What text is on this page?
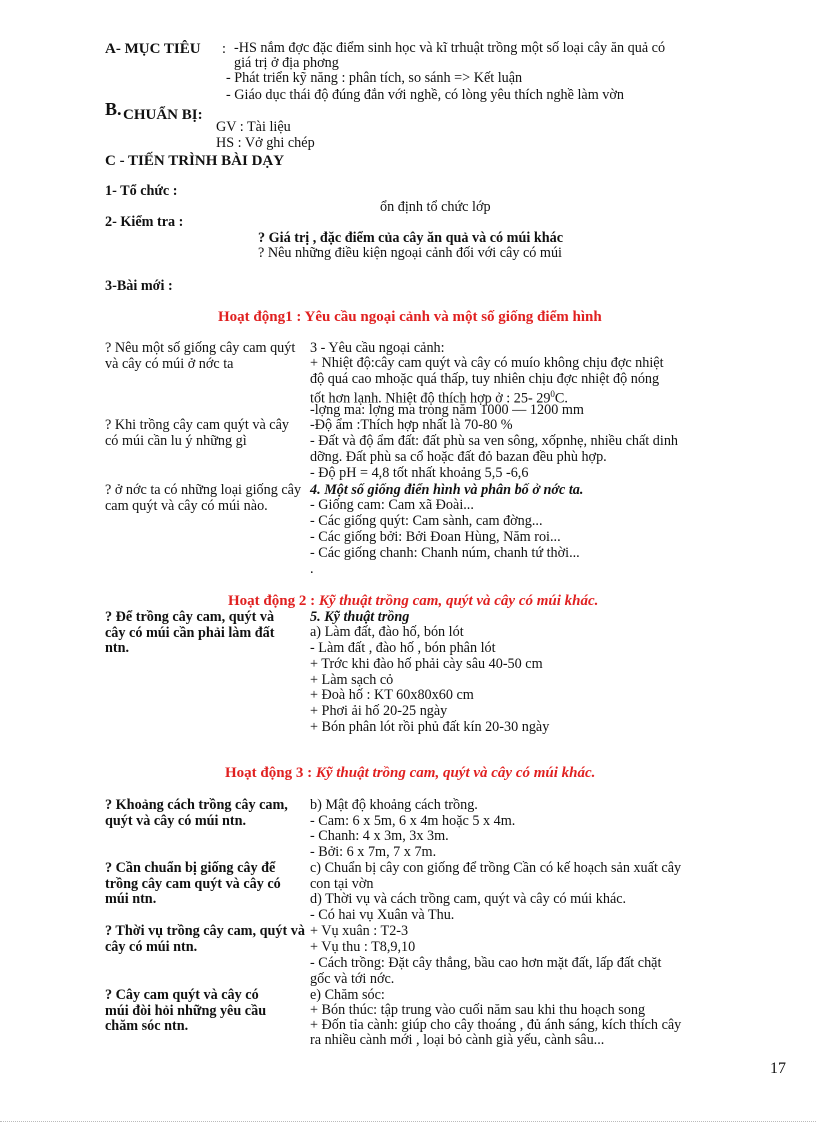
A- MỤC TIÊU : -HS nắm đợc đặc điểm sinh học và kĩ trhuật trồng một số loại cây ăn quả có
giá trị ở địa phơng
- Phát triển kỹ năng : phân tích, so sánh => Kết luận
- Giáo dục thái độ đúng đắn với nghề, có lòng yêu thích nghề làm vờn
B. CHUẨN BỊ:
GV : Tài liệu
HS : Vở ghi chép
C - TIẾN TRÌNH BÀI DẠY
1- Tổ chức :
ổn định tổ chức lớp
2- Kiểm tra :
? Giá trị , đặc điểm của cây ăn quả và có múi khác
? Nêu những điều kiện ngoại cảnh đối với cây có múi
3-Bài mới :
Hoạt động1 : Yêu cầu ngoại cảnh và một số giống điểm hình
? Nêu một số giống cây cam quýt và cây có múi ở nớc ta
? Khi trồng cây cam quýt và cây có múi cần lu ý những gì
? ở nớc ta có những loại giống cây cam quýt và cây có múi nào.
3 - Yêu cầu ngoại cảnh:
+ Nhiệt độ:cây cam quýt và cây có muío không chịu đợc nhiệt
độ quá cao mhoặc quá thấp, tuy nhiên chịu đợc nhiệt độ nóng
tốt hơn lạnh. Nhiệt độ thích hợp ở : 25- $29^0C$.
-lợng ma: lợng ma trong năm 1000 — 1200 mm
-Độ ẩm :Thích hợp nhất là 70-80 %
- Đất và độ ẩm đất: đất phù sa ven sông, xốpnhẹ, nhiều chất dinh
dỡng. Đất phù sa cổ hoặc đất đỏ bazan đều phù hợp.
- Độ pH = 4,8 tốt nhất khoảng 5,5 -6,6
4. Một số giống điển hình và phân bố ở nớc ta.
- Giống cam: Cam xã Đoài...
- Các giống quýt: Cam sành, cam đờng...
- Các giống bởi: Bởi Đoan Hùng, Năm roi...
- Các giống chanh: Chanh núm, chanh tứ thời...
.
Hoạt động 2 : Kỹ thuật trồng cam, quýt và cây có múi khác.
? Để trồng cây cam, quýt và cây có múi cần phải làm đất ntn.
5. Kỹ thuật trồng
a) Làm đất, đào hố, bón lót
- Làm đất , đào hố , bón phân lót
+ Trớc khi đào hố phải cày sâu 40-50 cm
+ Làm sạch cỏ
+ Đoà hố : KT 60x80x60 cm
+ Phơi ải hố 20-25 ngày
+ Bón phân lót rồi phủ đất kín 20-30 ngày
Hoạt động 3 : Kỹ thuật trồng cam, quýt và cây có múi khác.
? Khoảng cách trồng cây cam, quýt và cây có múi ntn.
? Cần chuẩn bị giống cây để trồng cây cam quýt và cây có múi ntn.
? Thời vụ trồng cây cam, quýt và cây có múi ntn.
? Cây cam quýt và cây có múi đòi hỏi những yêu cầu chăm sóc ntn.
b) Mật độ khoảng cách trồng.
- Cam: 6 x 5m, 6 x 4m hoặc 5 x 4m.
- Chanh: 4 x 3m, 3x 3m.
- Bởi: 6 x 7m, 7 x 7m.
c) Chuẩn bị cây con giống để trồng Cần có kế hoạch sản xuất cây
con tại vờn
d) Thời vụ và cách trồng cam, quýt và cây có múi khác.
- Có hai vụ Xuân và Thu.
+ Vụ xuân : T2-3
+ Vụ thu : T8,9,10
- Cách trồng: Đặt cây thẳng, bầu cao hơn mặt đất, lấp đất chặt
gốc và tới nớc.
e) Chăm sóc:
+ Bón thúc: tập trung vào cuối năm sau khi thu hoạch song
+ Đốn tỉa cành: giúp cho cây thoáng , đủ ánh sáng, kích thích cây
ra nhiều cành mới , loại bỏ cành già yếu, cành sâu...
17
